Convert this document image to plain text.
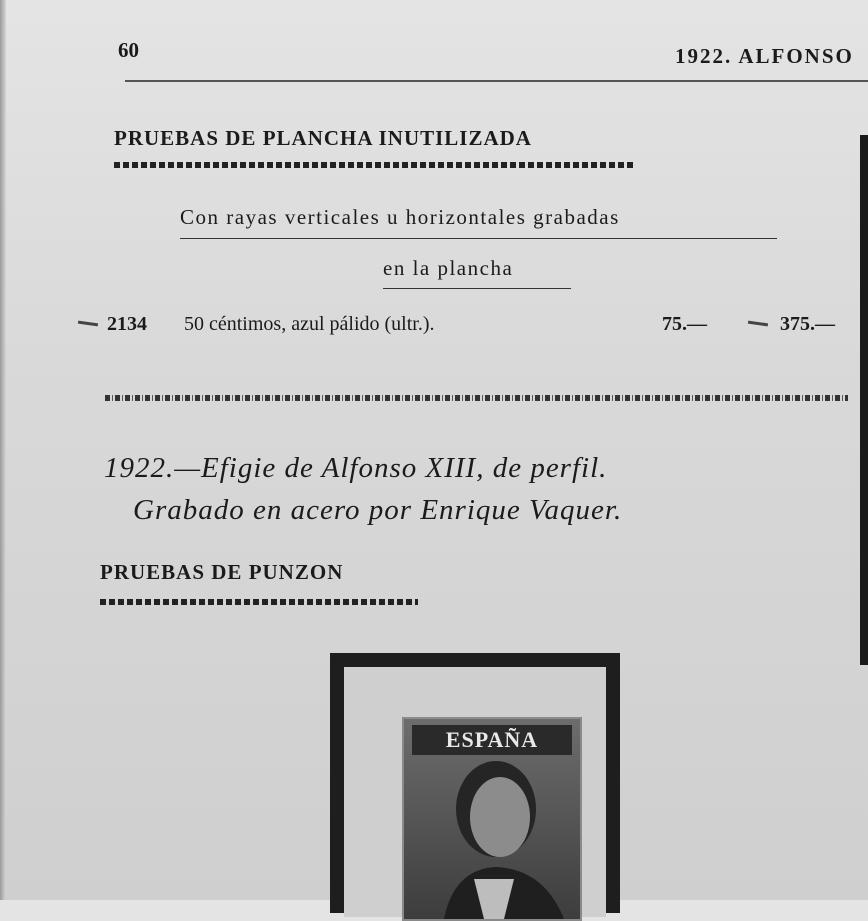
60	1922. ALFONSO
PRUEBAS DE PLANCHA INUTILIZADA
Con rayas verticales u horizontales grabadas
en la plancha
2134 50 céntimos, azul pálido (ultr.).	75.—	375.—
1922.—Efigie de Alfonso XIII, de perfil.
Grabado en acero por Enrique Vaquer.
PRUEBAS DE PUNZON
ESPAÑA
